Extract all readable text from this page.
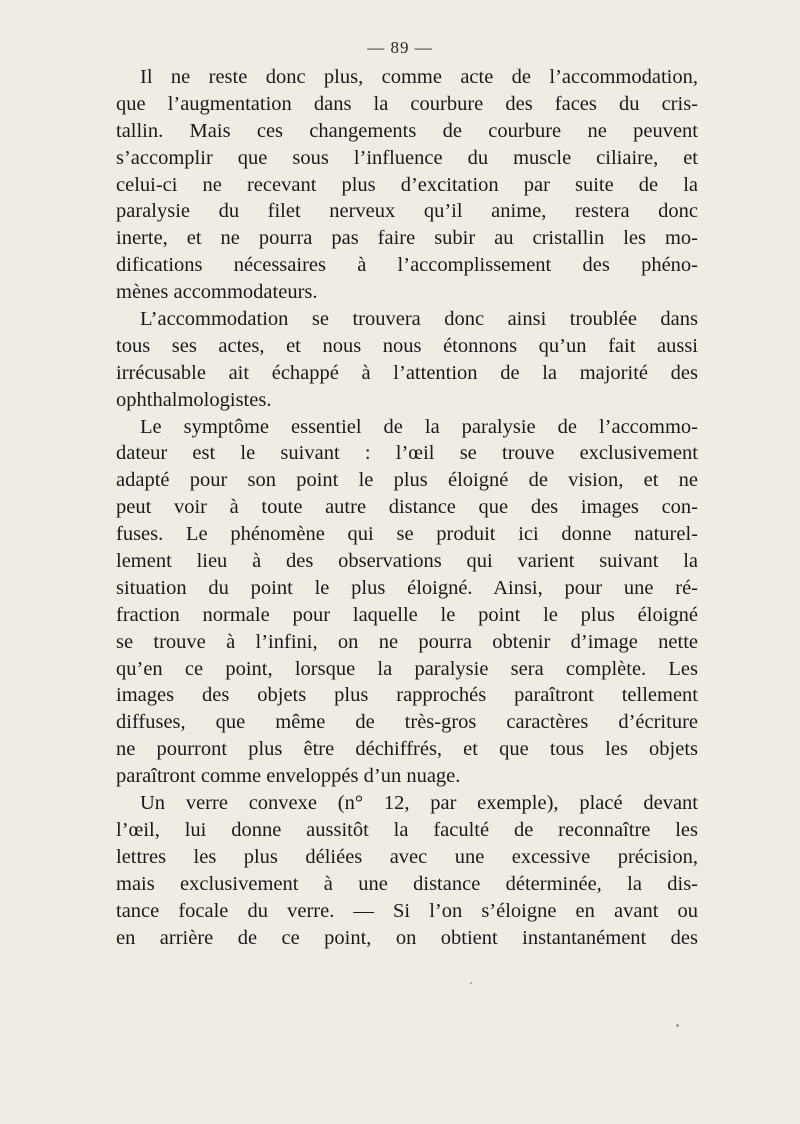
— 89 —
Il ne reste donc plus, comme acte de l’accommodation,
que l’augmentation dans la courbure des faces du cris-
tallin. Mais ces changements de courbure ne peuvent
s’accomplir que sous l’influence du muscle ciliaire, et
celui-ci ne recevant plus d’excitation par suite de la
paralysie du filet nerveux qu’il anime, restera donc
inerte, et ne pourra pas faire subir au cristallin les mo-
difications nécessaires à l’accomplissement des phéno-
mènes accommodateurs.
L’accommodation se trouvera donc ainsi troublée dans
tous ses actes, et nous nous étonnons qu’un fait aussi
irrécusable ait échappé à l’attention de la majorité des
ophthalmologistes.
Le symptôme essentiel de la paralysie de l’accommo-
dateur est le suivant : l’œil se trouve exclusivement
adapté pour son point le plus éloigné de vision, et ne
peut voir à toute autre distance que des images con-
fuses. Le phénomène qui se produit ici donne naturel-
lement lieu à des observations qui varient suivant la
situation du point le plus éloigné. Ainsi, pour une ré-
fraction normale pour laquelle le point le plus éloigné
se trouve à l’infini, on ne pourra obtenir d’image nette
qu’en ce point, lorsque la paralysie sera complète. Les
images des objets plus rapprochés paraîtront tellement
diffuses, que même de très-gros caractères d’écriture
ne pourront plus être déchiffrés, et que tous les objets
paraîtront comme enveloppés d’un nuage.
Un verre convexe (n° 12, par exemple), placé devant
l’œil, lui donne aussitôt la faculté de reconnaître les
lettres les plus déliées avec une excessive précision,
mais exclusivement à une distance déterminée, la dis-
tance focale du verre. — Si l’on s’éloigne en avant ou
en arrière de ce point, on obtient instantanément des
